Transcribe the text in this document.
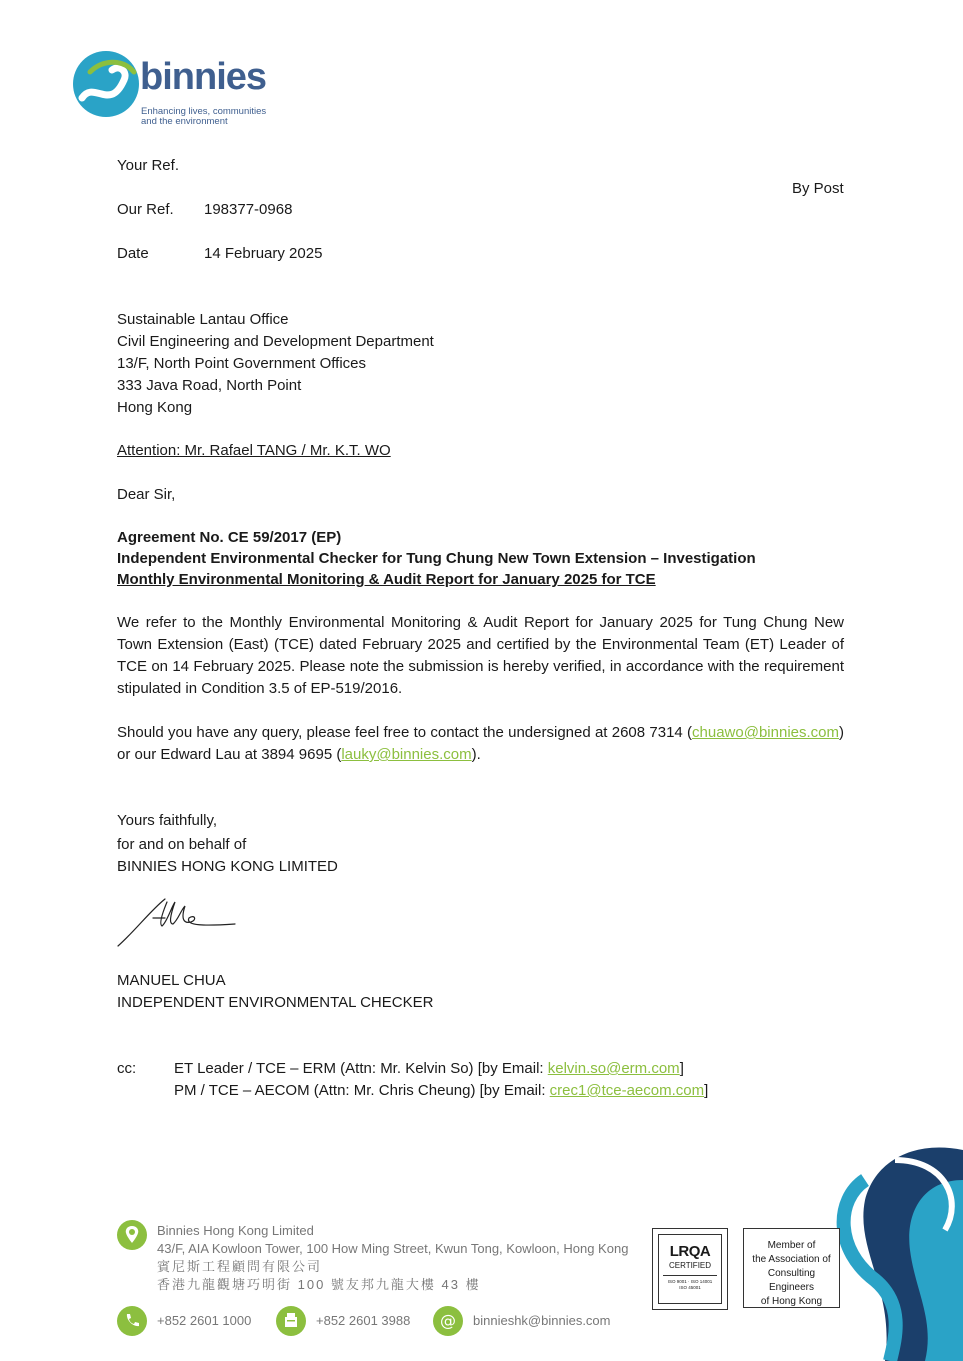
binnies
Enhancing lives, communities
and the environment
Your Ref.
By Post
Our Ref. 198377-0968
Date	14 February 2025
Sustainable Lantau Office
Civil Engineering and Development Department
13/F, North Point Government Offices
333 Java Road, North Point
Hong Kong
Attention: Mr. Rafael TANG / Mr. K.T. WO
Dear Sir,
Agreement No. CE 59/2017 (EP)
Independent Environmental Checker for Tung Chung New Town Extension – Investigation
Monthly Environmental Monitoring & Audit Report for January 2025 for TCE
We refer to the Monthly Environmental Monitoring & Audit Report for January 2025 for Tung Chung New Town Extension (East) (TCE) dated February 2025 and certified by the Environmental Team (ET) Leader of TCE on 14 February 2025. Please note the submission is hereby verified, in accordance with the requirement stipulated in Condition 3.5 of EP-519/2016.
Should you have any query, please feel free to contact the undersigned at 2608 7314 (chuawo@binnies.com) or our Edward Lau at 3894 9695 (lauky@binnies.com).
Yours faithfully,
for and on behalf of
BINNIES HONG KONG LIMITED
MANUEL CHUA
INDEPENDENT ENVIRONMENTAL CHECKER
cc:	ET Leader / TCE – ERM (Attn: Mr. Kelvin So) [by Email: kelvin.so@erm.com]
PM / TCE – AECOM (Attn: Mr. Chris Cheung) [by Email: crec1@tce-aecom.com]
Binnies Hong Kong Limited
43/F, AIA Kowloon Tower, 100 How Ming Street, Kwun Tong, Kowloon, Hong Kong
賓尼斯工程顧問有限公司
香港九龍觀塘巧明街 100 號友邦九龍大樓 43 樓
+852 2601 1000	+852 2601 3988 @ binnieshk@binnies.com
LRQA
CERTIFIED
ISO 9001 · ISO 14001
ISO 45001
Member of
the Association of
Consulting Engineers
of Hong Kong
